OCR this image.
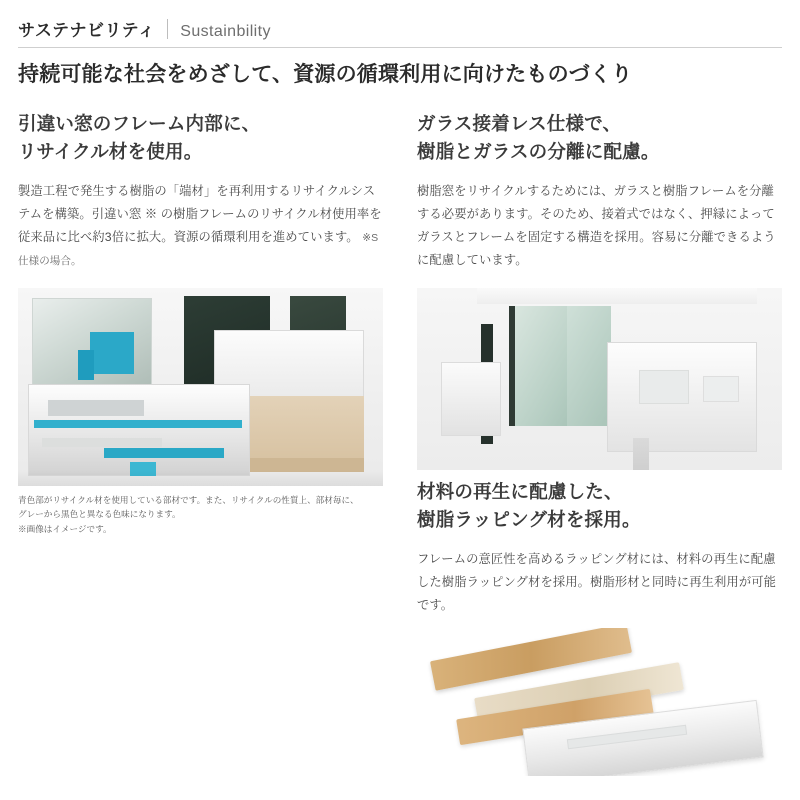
サステナビリティ Sustainbility
持続可能な社会をめざして、資源の循環利用に向けたものづくり
引違い窓のフレーム内部に、
リサイクル材を使用。

製造工程で発生する樹脂の「端材」を再利用するリサイクルシステムを構築。引違い窓 ※ の樹脂フレームのリサイクル材使用率を従来品に比べ約3倍に拡大。資源の循環利用を進めています。 ※S仕様の場合。

青色部がリサイクル材を使用している部材です。また、リサイクルの性質上、部材毎に、
グレーから黒色と異なる色味になります。
※画像はイメージです。
ガラス接着レス仕様で、
樹脂とガラスの分離に配慮。

樹脂窓をリサイクルするためには、ガラスと樹脂フレームを分離する必要があります。そのため、接着式ではなく、押縁によってガラスとフレームを固定する構造を採用。容易に分離できるように配慮しています。

材料の再生に配慮した、
樹脂ラッピング材を採用。

フレームの意匠性を高めるラッピング材には、材料の再生に配慮した樹脂ラッピング材を採用。樹脂形材と同時に再生利用が可能です。
